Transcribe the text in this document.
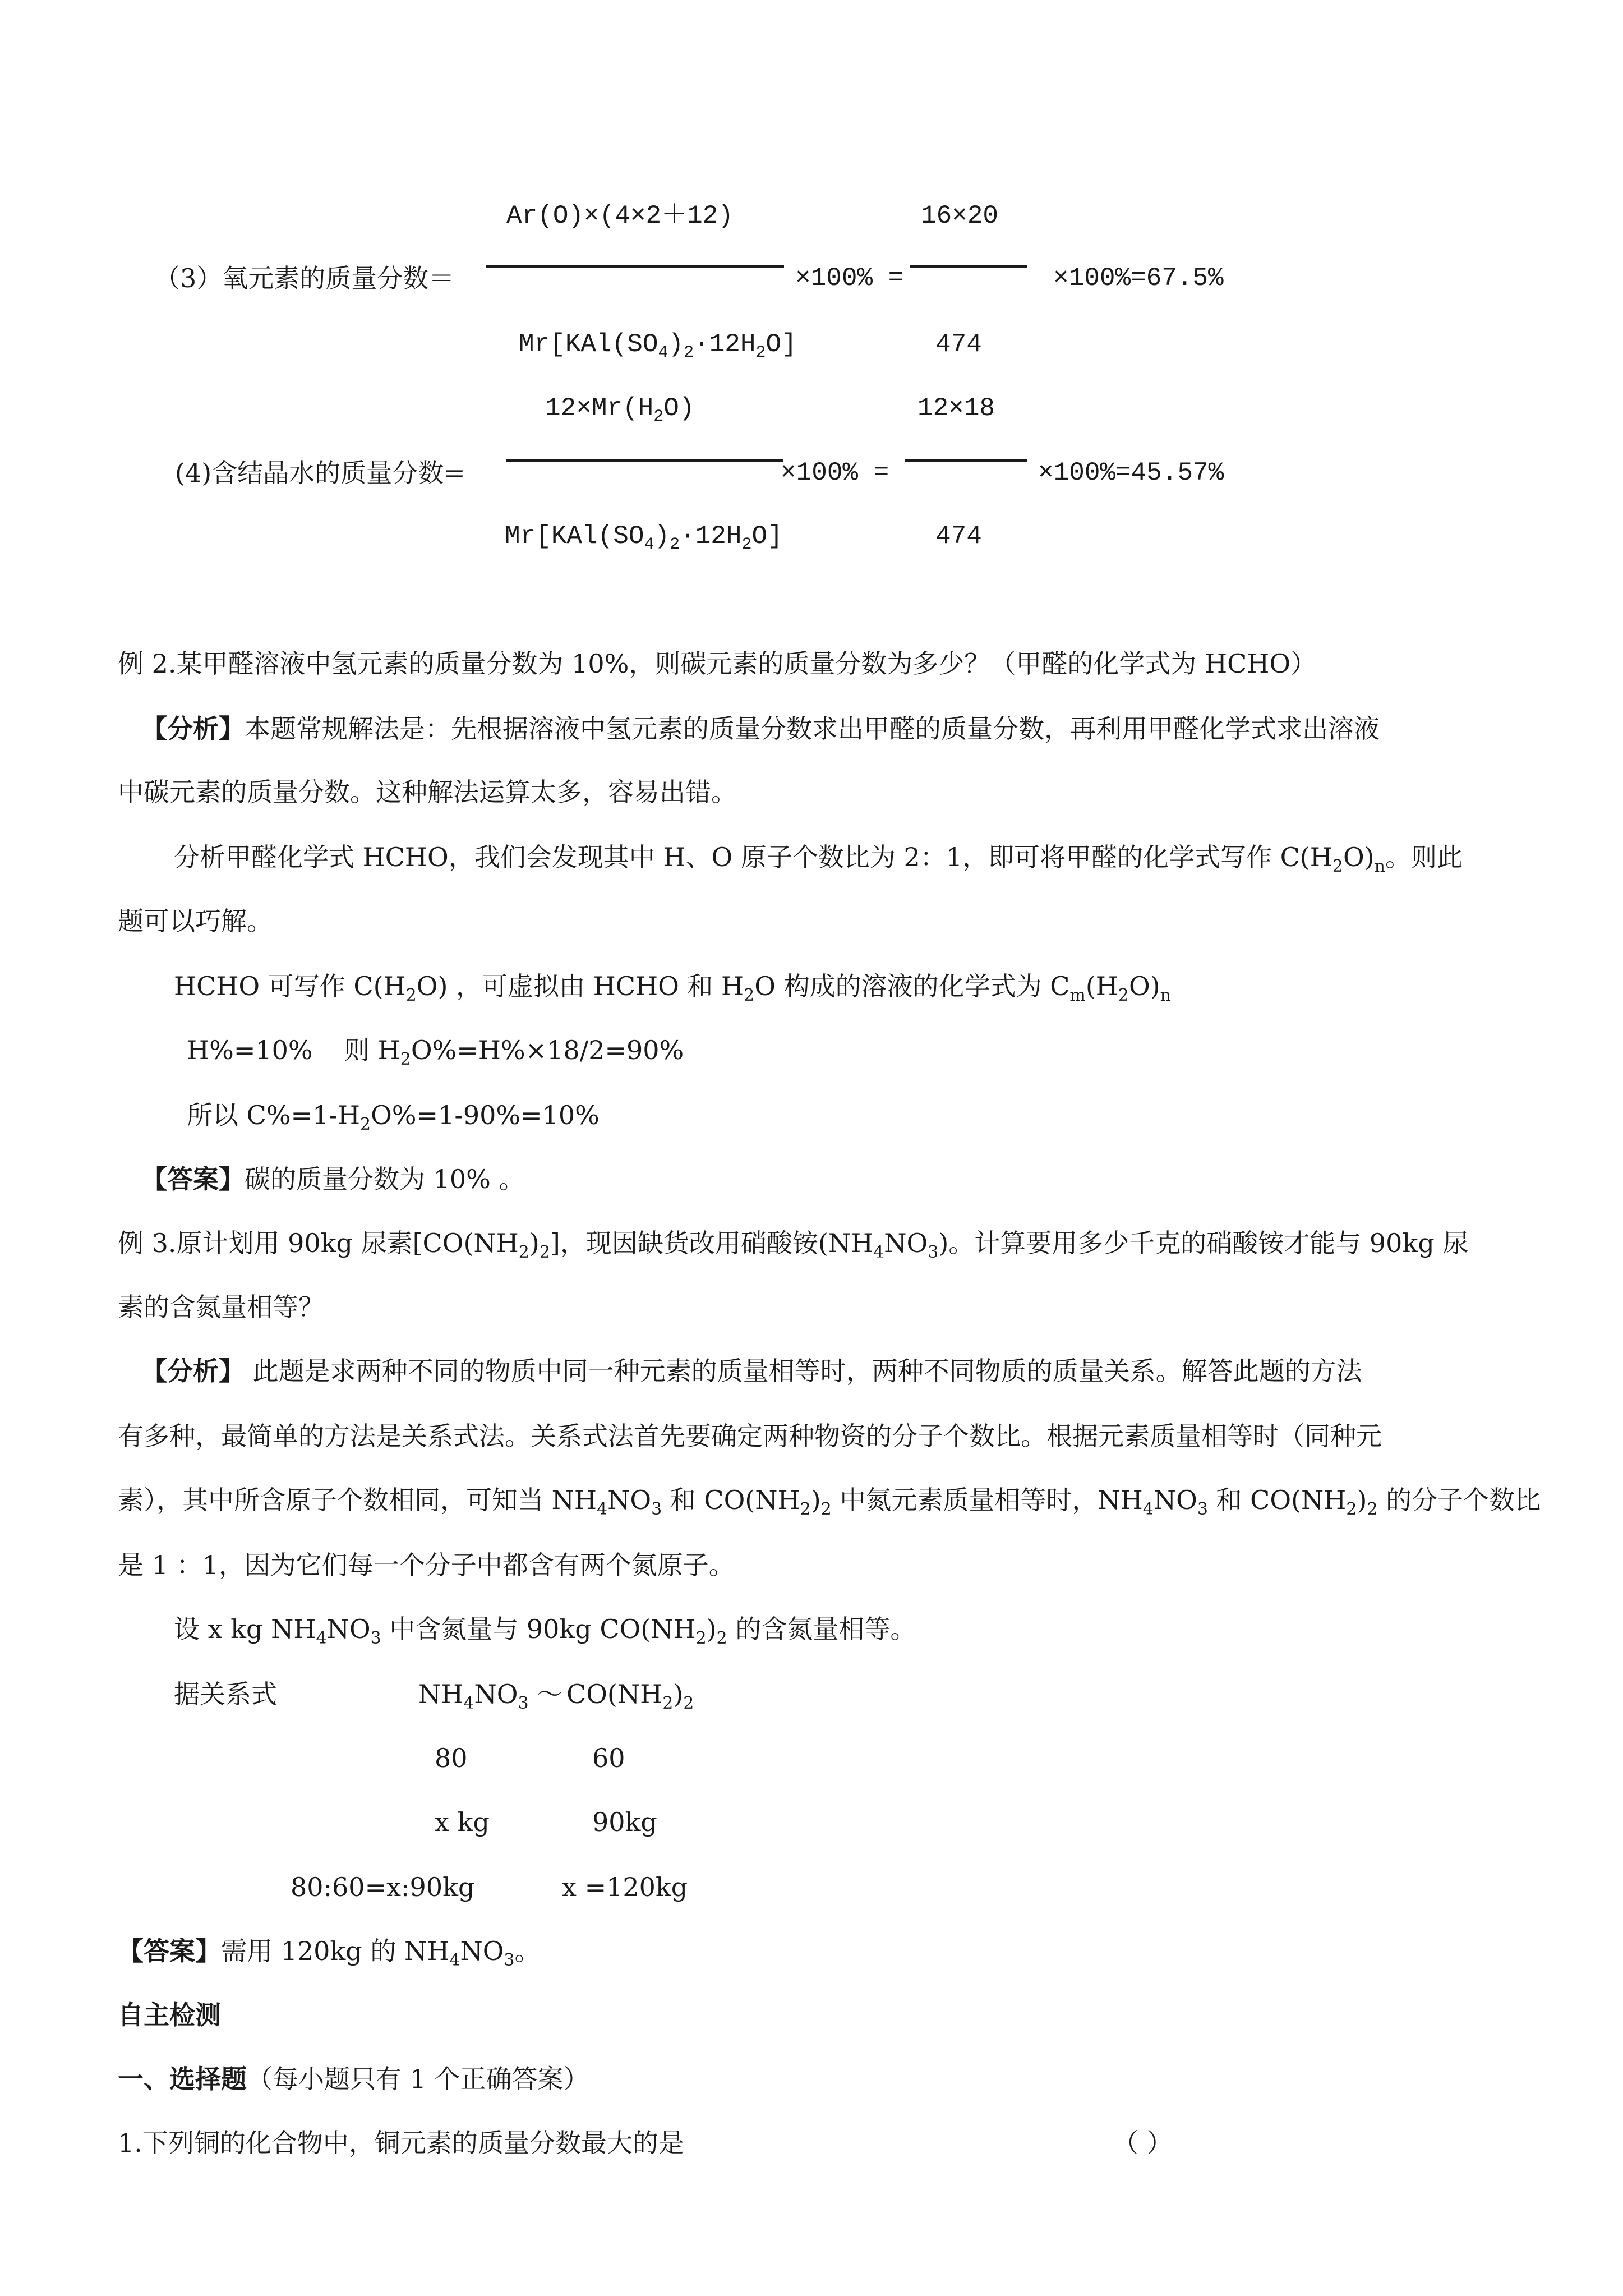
Ar(O)×(4×2＋12)
（3）氧元素的质量分数＝	×100% =
16×20
×100%=67.5%
$Mr[KAl(SO_4)_2\cdot 12H_2O]$	474
$12\times Mr(H_2O)$
(4)含结晶水的质量分数=	×100% =
12×18
×100%=45.57%
$Mr[KAl(SO_4)_2\cdot 12H_2O]$	474
例 2.某甲醛溶液中氢元素的质量分数为 10%，则碳元素的质量分数为多少？（甲醛的化学式为 HCHO）
【分析】本题常规解法是：先根据溶液中氢元素的质量分数求出甲醛的质量分数，再利用甲醛化学式求出溶液
中碳元素的质量分数。这种解法运算太多，容易出错。
分析甲醛化学式 HCHO，我们会发现其中 H、O 原子个数比为 2：1，即可将甲醛的化学式写作 $C(H_2O)_n$。则此
题可以巧解。
HCHO 可写作 $C(H_2O)$ ，可虚拟由 HCHO 和 $H_2O$ 构成的溶液的化学式为 $C_m(H_2O)_n$
H%=10% 则 $H_2O\%=H\%\times 18/2=90\%$
所以 $C\%=1-H_2O\%=1-90\%=10\%$
【答案】碳的质量分数为 10% 。
例 3.原计划用 90kg 尿素$[CO(NH_2)_2]$，现因缺货改用硝酸铵$(NH_4NO_3)$。计算要用多少千克的硝酸铵才能与 90kg 尿
素的含氮量相等？
【分析】 此题是求两种不同的物质中同一种元素的质量相等时，两种不同物质的质量关系。解答此题的方法
有多种，最简单的方法是关系式法。关系式法首先要确定两种物资的分子个数比。根据元素质量相等时（同种元
素），其中所含原子个数相同，可知当 $NH_4NO_3$ 和 $CO(NH_2)_2$ 中氮元素质量相等时，$NH_4NO_3$ 和 $CO(NH_2)_2$ 的分子个数比
是 1 ：1，因为它们每一个分子中都含有两个氮原子。
设 x kg $NH_4NO_3$ 中含氮量与 90kg $CO(NH_2)_2$ 的含氮量相等。
据关系式	$NH_4NO_3$ ～ $CO(NH_2)_2$
80	60
x kg	90kg
80:60=x:90kg	x =120kg
【答案】需用 120kg 的 $NH_4NO_3$。
自主检测
一、选择题（每小题只有 1 个正确答案）
1.下列铜的化合物中，铜元素的质量分数最大的是	（ ）
